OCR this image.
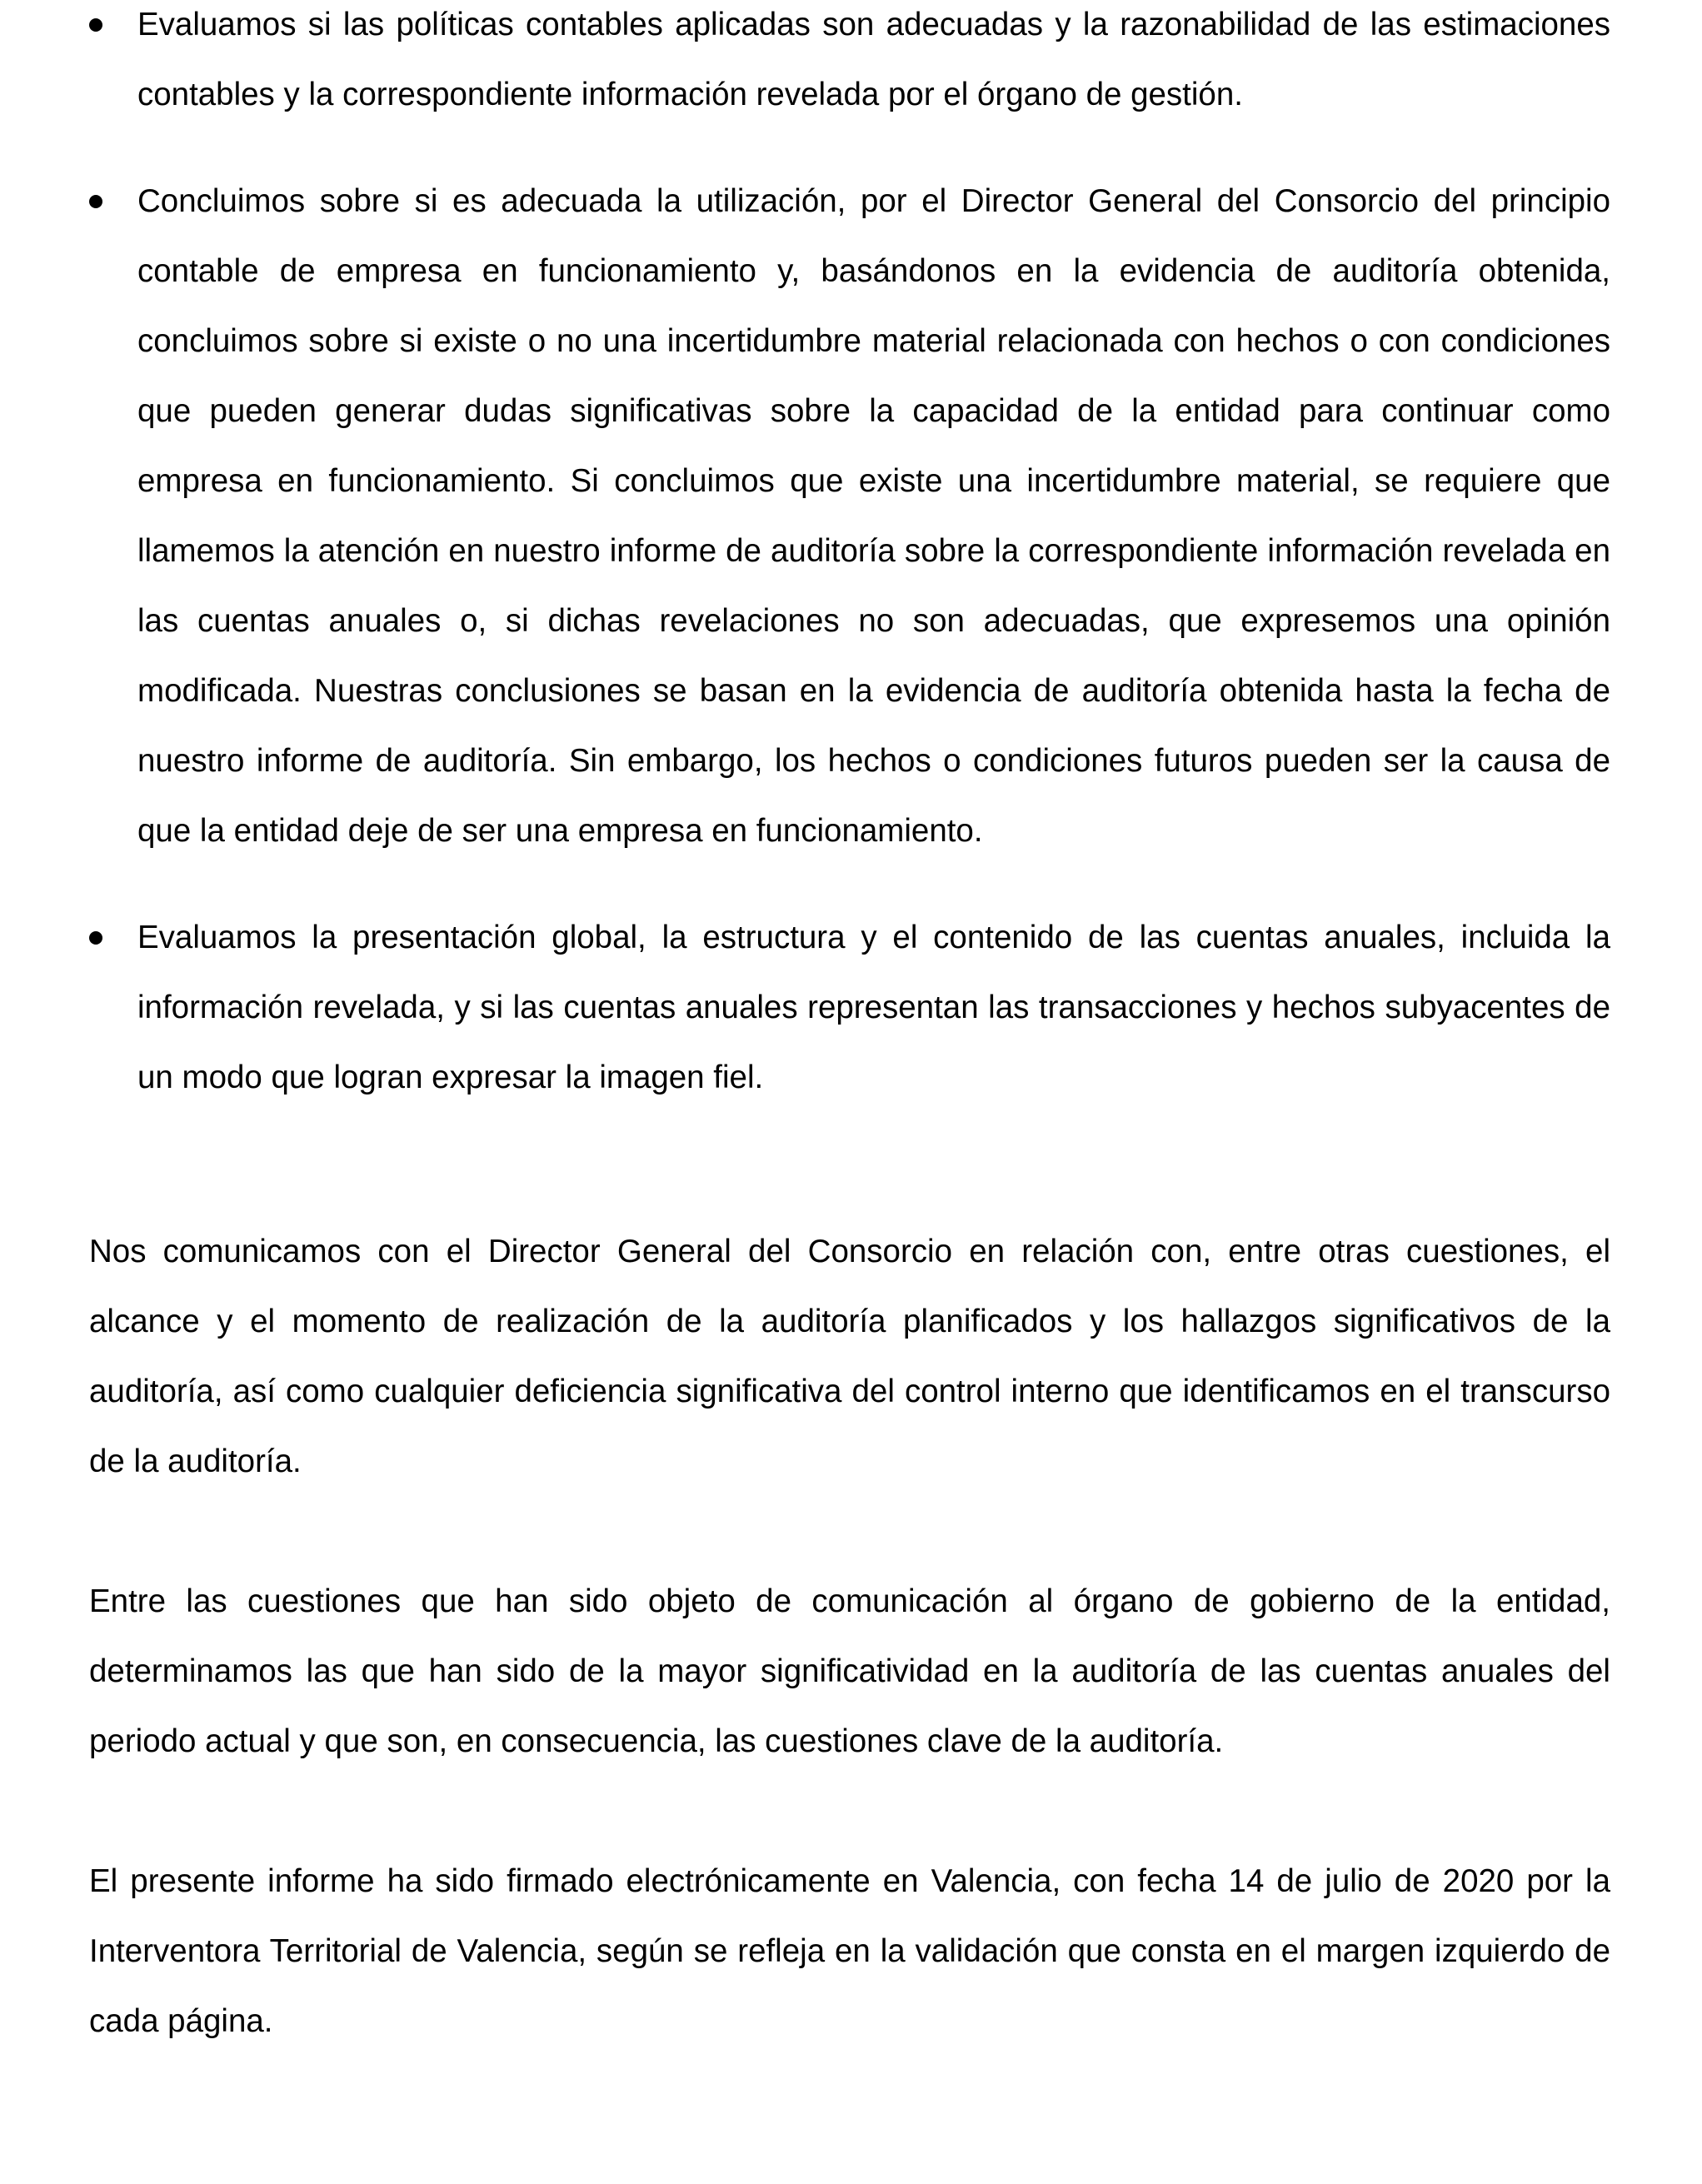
Evaluamos si las políticas contables aplicadas son adecuadas y la razonabilidad de las estimaciones contables y la correspondiente información revelada por el órgano de gestión.
Concluimos sobre si es adecuada la utilización, por el Director General del Consorcio del principio contable de empresa en funcionamiento y, basándonos en la evidencia de auditoría obtenida, concluimos sobre si existe o no una incertidumbre material relacionada con hechos o con condiciones que pueden generar dudas significativas sobre la capacidad de la entidad para continuar como empresa en funcionamiento. Si concluimos que existe una incertidumbre material, se requiere que llamemos la atención en nuestro informe de auditoría sobre la correspondiente información revelada en las cuentas anuales o, si dichas revelaciones no son adecuadas, que expresemos una opinión modificada. Nuestras conclusiones se basan en la evidencia de auditoría obtenida hasta la fecha de nuestro informe de auditoría. Sin embargo, los hechos o condiciones futuros pueden ser la causa de que la entidad deje de ser una empresa en funcionamiento.
Evaluamos la presentación global, la estructura y el contenido de las cuentas anuales, incluida la información revelada, y si las cuentas anuales representan las transacciones y hechos subyacentes de un modo que logran expresar la imagen fiel.

Nos comunicamos con el Director General del Consorcio en relación con, entre otras cuestiones, el alcance y el momento de realización de la auditoría planificados y los hallazgos significativos de la auditoría, así como cualquier deficiencia significativa del control interno que identificamos en el transcurso de la auditoría.

Entre las cuestiones que han sido objeto de comunicación al órgano de gobierno de la entidad, determinamos las que han sido de la mayor significatividad en la auditoría de las cuentas anuales del periodo actual y que son, en consecuencia, las cuestiones clave de la auditoría.

El presente informe ha sido firmado electrónicamente en Valencia, con fecha 14 de julio de 2020 por la Interventora Territorial de Valencia, según se refleja en la validación que consta en el margen izquierdo de cada página.
